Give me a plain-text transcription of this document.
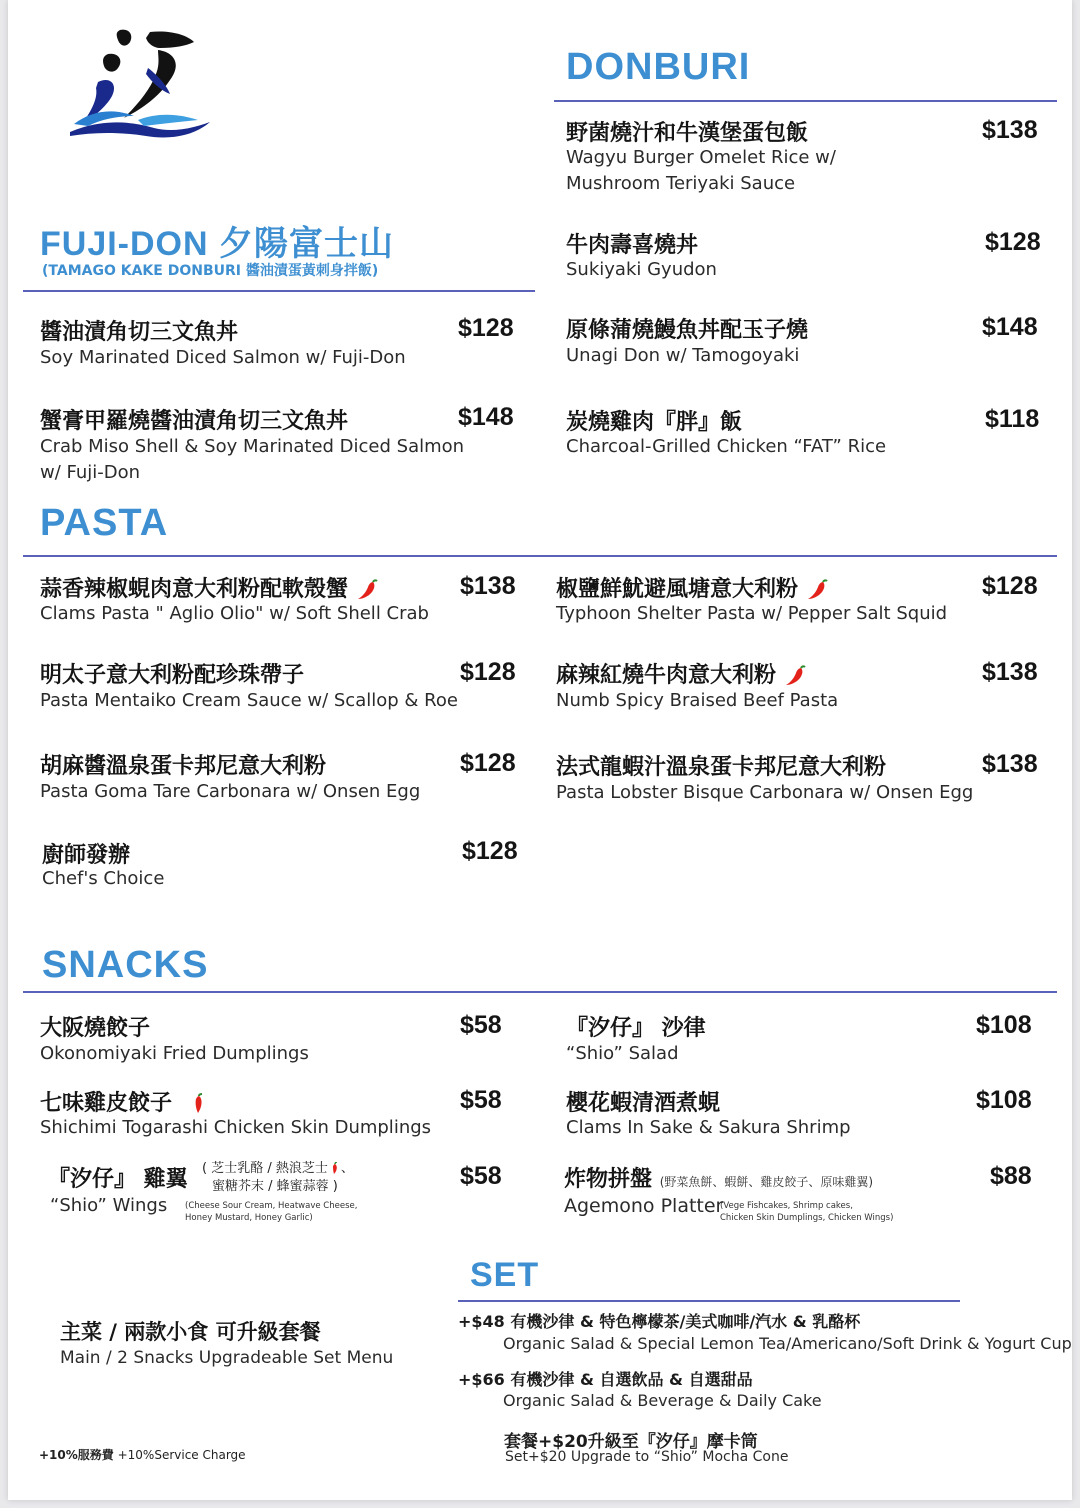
FUJI-DON 夕陽富士山
(TAMAGO KAKE DONBURI 醬油漬蛋黃刺身拌飯)
醬油漬角切三文魚丼
Soy Marinated Diced Salmon w/ Fuji-Don
$128
蟹膏甲羅燒醬油漬角切三文魚丼
Crab Miso Shell & Soy Marinated Diced Salmon w/ Fuji-Don
$148
DONBURI
野菌燒汁和牛漢堡蛋包飯
Wagyu Burger Omelet Rice w/ Mushroom Teriyaki Sauce
$138
牛肉壽喜燒丼
Sukiyaki Gyudon
$128
原條蒲燒鰻魚丼配玉子燒
Unagi Don w/ Tamogoyaki
$148
炭燒雞肉『胖』飯
Charcoal-Grilled Chicken “FAT” Rice
$118
PASTA
蒜香辣椒蜆肉意大利粉配軟殼蟹
Clams Pasta " Aglio Olio" w/ Soft Shell Crab
$138
明太子意大利粉配珍珠帶子
Pasta Mentaiko Cream Sauce w/ Scallop & Roe
$128
胡麻醬溫泉蛋卡邦尼意大利粉
Pasta Goma Tare Carbonara w/ Onsen Egg
$128
廚師發辦
Chef's Choice
$128
椒鹽鮮魷避風塘意大利粉
Typhoon Shelter Pasta w/ Pepper Salt Squid
$128
麻辣紅燒牛肉意大利粉
Numb Spicy Braised Beef Pasta
$138
法式龍蝦汁溫泉蛋卡邦尼意大利粉
Pasta Lobster Bisque Carbonara w/ Onsen Egg
$138
SNACKS
大阪燒餃子
Okonomiyaki Fried Dumplings
$58
七味雞皮餃子
Shichimi Togarashi Chicken Skin Dumplings
$58
『汐仔』 雞翼 ( 芝士乳酪 / 熱浪芝士 、
蜜糖芥末 / 蜂蜜蒜蓉 )
“Shio” Wings (Cheese Sour Cream, Heatwave Cheese,
Honey Mustard, Honey Garlic)
$58
『汐仔』 沙律
“Shio” Salad
$108
櫻花蝦清酒煮蜆
Clams In Sake & Sakura Shrimp
$108
炸物拼盤 (野菜魚餅、蝦餅、雞皮餃子、原味雞翼)
Agemono Platter
(Vege Fishcakes, Shrimp cakes,
Chicken Skin Dumplings, Chicken Wings)
$88
SET
主菜 / 兩款小食 可升級套餐
Main / 2 Snacks Upgradeable Set Menu
+$48 有機沙律 & 特色檸檬茶/美式咖啡/汽水 & 乳酪杯
Organic Salad & Special Lemon Tea/Americano/Soft Drink & Yogurt Cup
+$66 有機沙律 & 自選飲品 & 自選甜品
Organic Salad & Beverage & Daily Cake
套餐+$20升級至『汐仔』摩卡筒
Set+$20 Upgrade to “Shio” Mocha Cone
+10%服務費 +10%Service Charge
